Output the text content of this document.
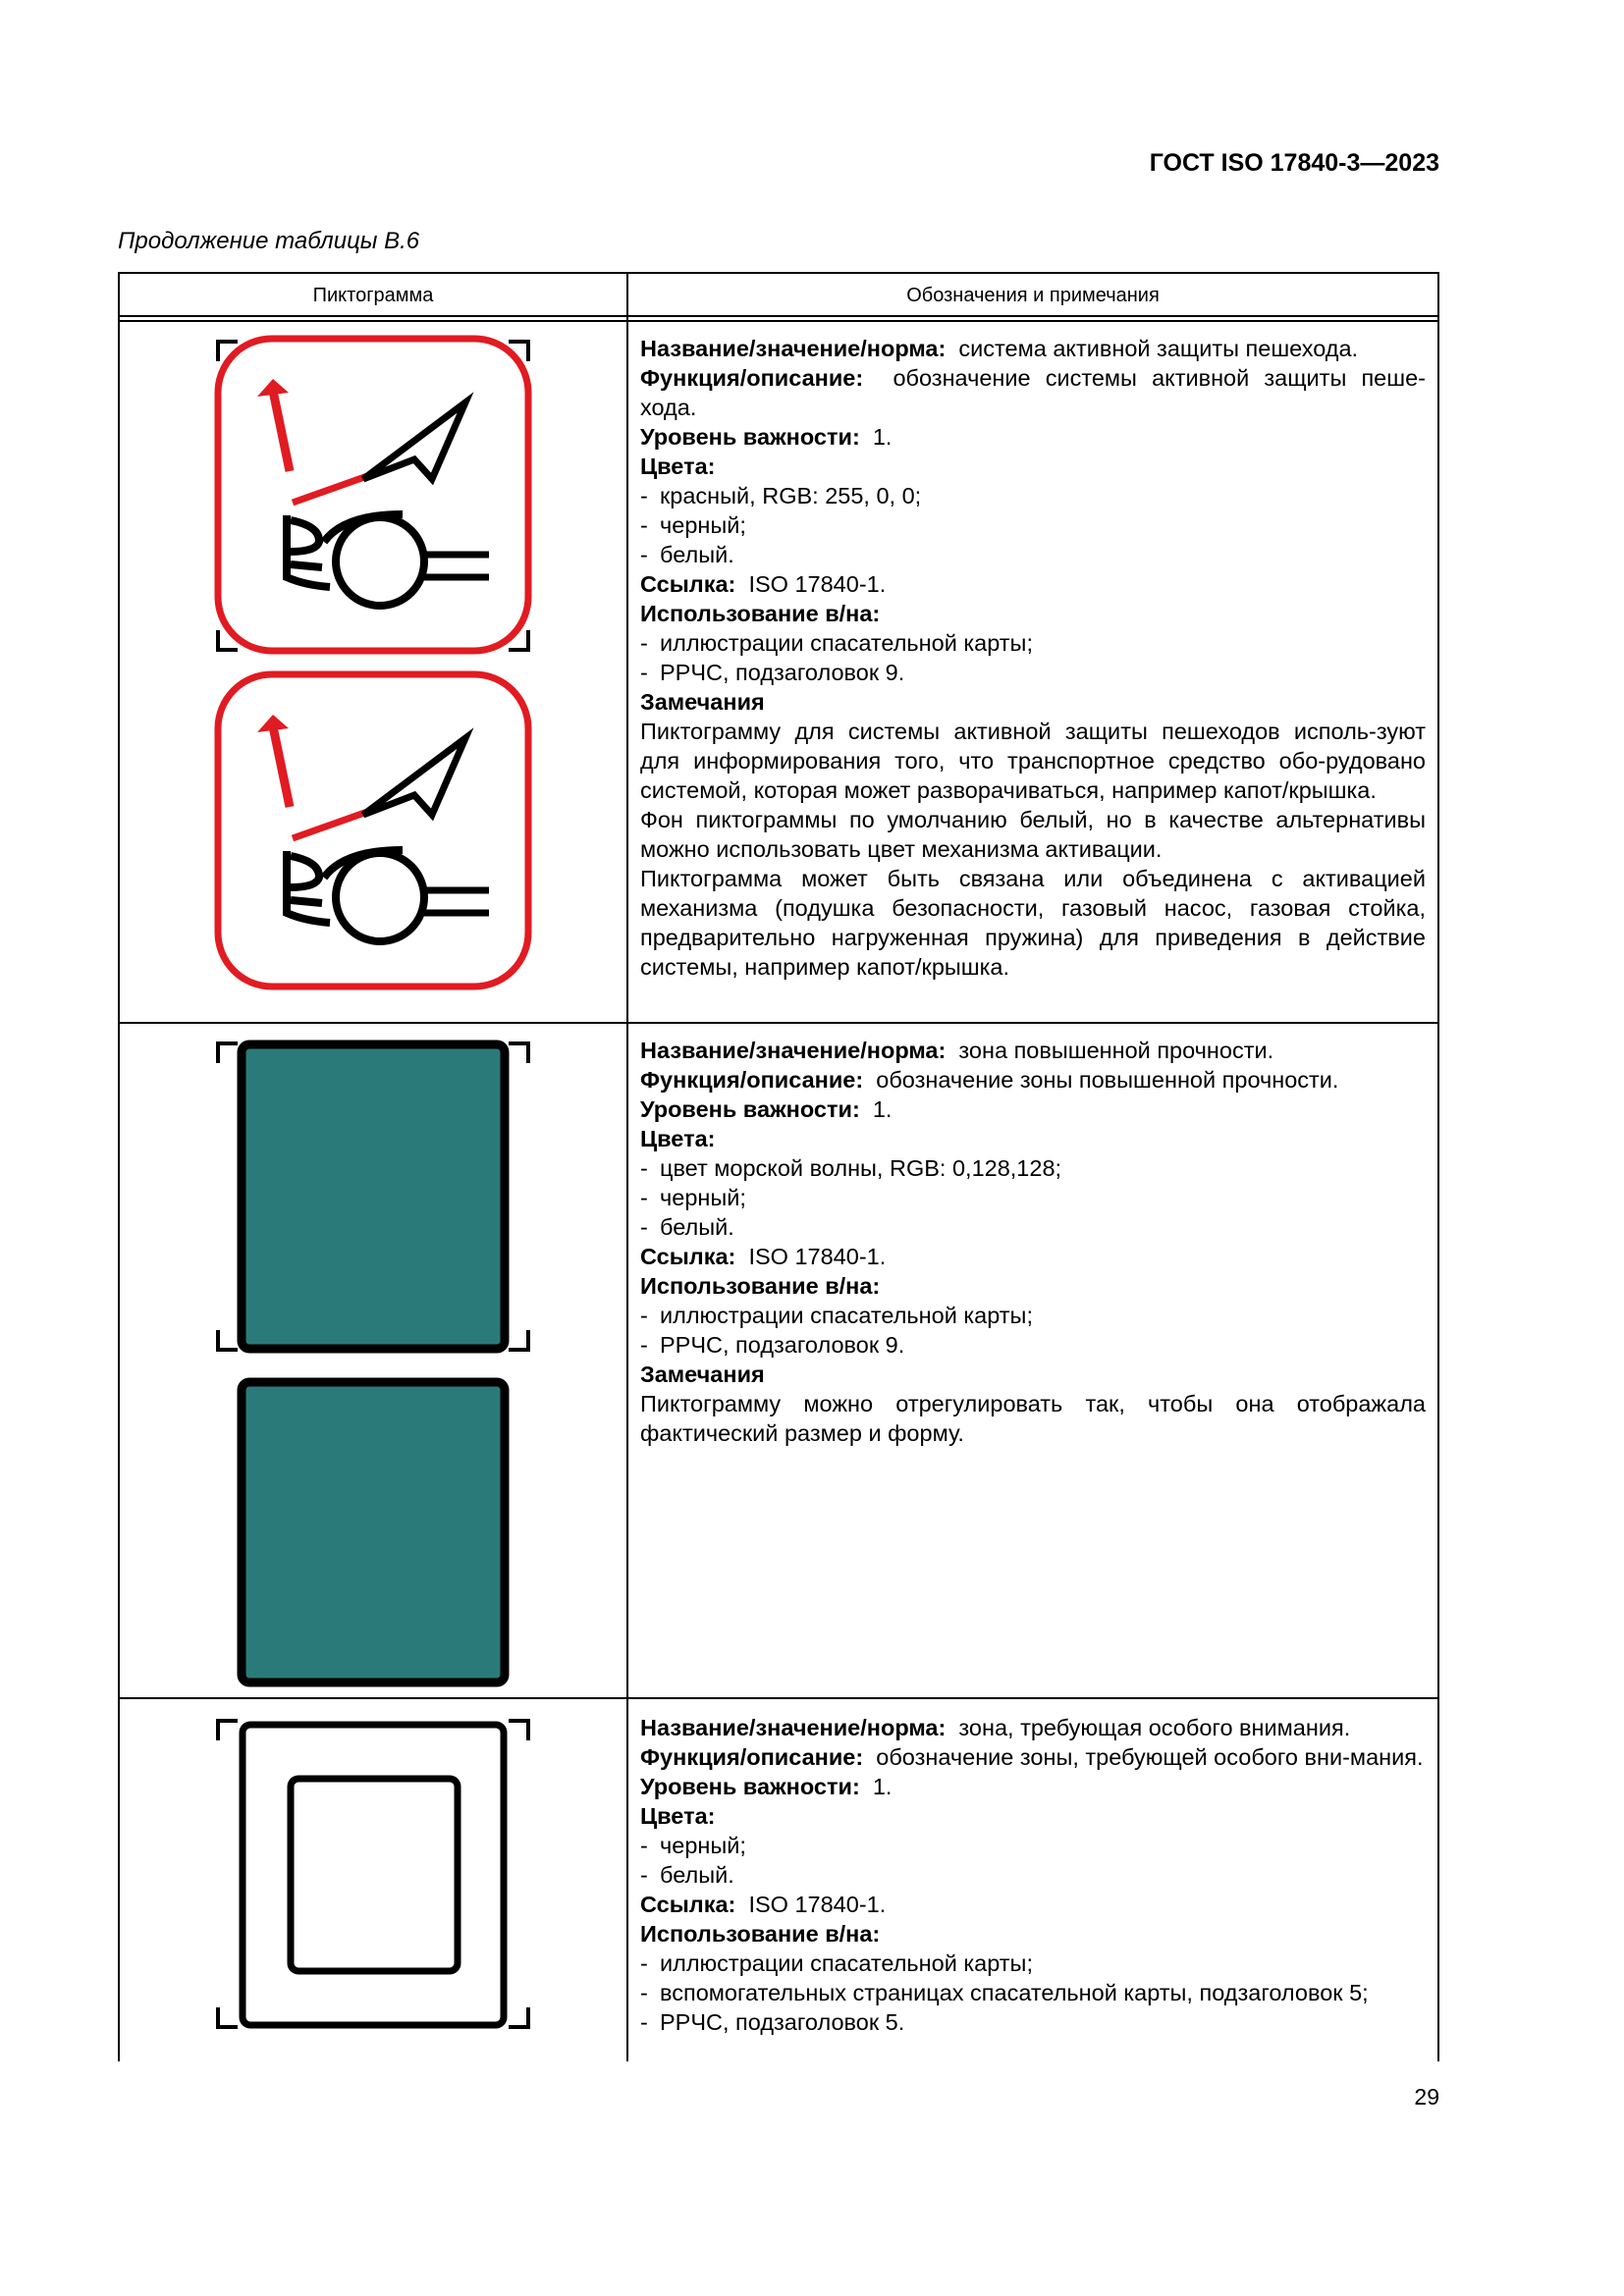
ГОСТ ISO 17840-3—2023
Продолжение таблицы В.6
Пиктограмма	Обозначения и примечания

Название/значение/норма: система активной защиты пешехода.

Функция/описание: обозначение системы активной защиты пеше-хода.

Уровень важности: 1.

Цвета:

- красный, RGB: 255, 0, 0;
- черный;
- белый.

Ссылка: ISO 17840-1.

Использование в/на:

- иллюстрации спасательной карты;
- РРЧС, подзаголовок 9.

Замечания

Пиктограмму для системы активной защиты пешеходов исполь-зуют для информирования того, что транспортное средство обо-рудовано системой, которая может разворачиваться, например капот/крышка.

Фон пиктограммы по умолчанию белый, но в качестве альтернативы можно использовать цвет механизма активации.

Пиктограмма может быть связана или объединена с активацией механизма (подушка безопасности, газовый насос, газовая стойка, предварительно нагруженная пружина) для приведения в действие системы, например капот/крышка.

Название/значение/норма: зона повышенной прочности.

Функция/описание: обозначение зоны повышенной прочности.

Уровень важности: 1.

Цвета:

- цвет морской волны, RGB: 0,128,128;
- черный;
- белый.

Ссылка: ISO 17840-1.

Использование в/на:

- иллюстрации спасательной карты;
- РРЧС, подзаголовок 9.

Замечания

Пиктограмму можно отрегулировать так, чтобы она отображала фактический размер и форму.

Название/значение/норма: зона, требующая особого внимания.

Функция/описание: обозначение зоны, требующей особого вни-мания.

Уровень важности: 1.

Цвета:

- черный;
- белый.

Ссылка: ISO 17840-1.

Использование в/на:

- иллюстрации спасательной карты;
- вспомогательных страницах спасательной карты, подзаголовок 5;
- РРЧС, подзаголовок 5.
29
